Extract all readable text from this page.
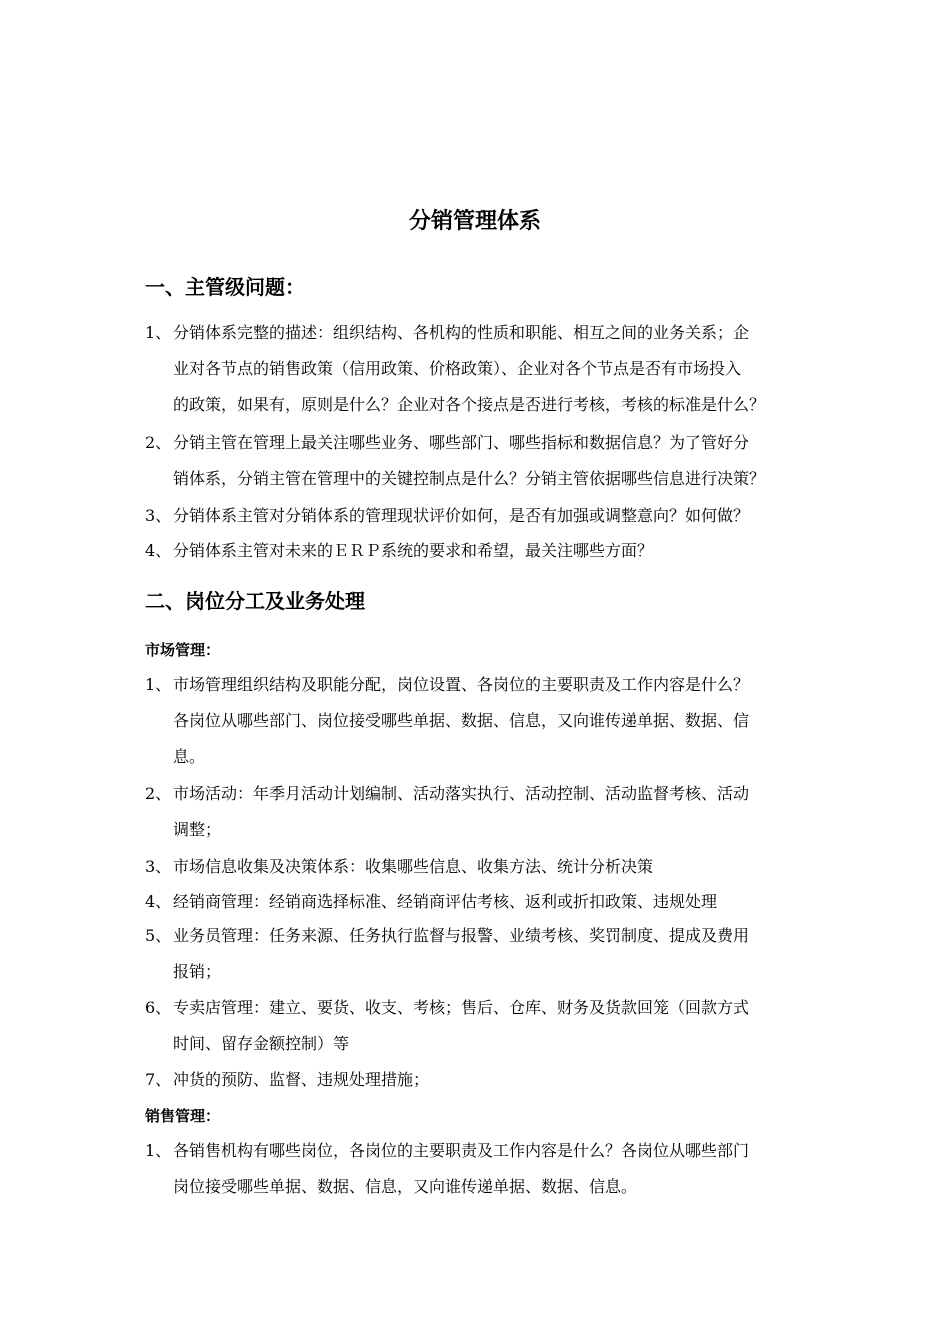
分销管理体系
一、主管级问题：
1、 分销体系完整的描述：组织结构、各机构的性质和职能、相互之间的业务关系；企
业对各节点的销售政策（信用政策、价格政策）、企业对各个节点是否有市场投入
的政策，如果有，原则是什么？企业对各个接点是否进行考核，考核的标准是什么？
2、 分销主管在管理上最关注哪些业务、哪些部门、哪些指标和数据信息？为了管好分
销体系，分销主管在管理中的关键控制点是什么？分销主管依据哪些信息进行决策？
3、 分销体系主管对分销体系的管理现状评价如何，是否有加强或调整意向？如何做？
4、 分销体系主管对未来的ＥＲＰ系统的要求和希望，最关注哪些方面？
二、岗位分工及业务处理
市场管理：
1、 市场管理组织结构及职能分配，岗位设置、各岗位的主要职责及工作内容是什么？
各岗位从哪些部门、岗位接受哪些单据、数据、信息，又向谁传递单据、数据、信
息。
2、 市场活动：年季月活动计划编制、活动落实执行、活动控制、活动监督考核、活动
调整；
3、 市场信息收集及决策体系：收集哪些信息、收集方法、统计分析决策
4、 经销商管理：经销商选择标准、经销商评估考核、返利或折扣政策、违规处理
5、 业务员管理：任务来源、任务执行监督与报警、业绩考核、奖罚制度、提成及费用
报销；
6、 专卖店管理：建立、要货、收支、考核；售后、仓库、财务及货款回笼（回款方式
时间、留存金额控制）等
7、 冲货的预防、监督、违规处理措施；
销售管理：
1、 各销售机构有哪些岗位，各岗位的主要职责及工作内容是什么？各岗位从哪些部门
岗位接受哪些单据、数据、信息，又向谁传递单据、数据、信息。
